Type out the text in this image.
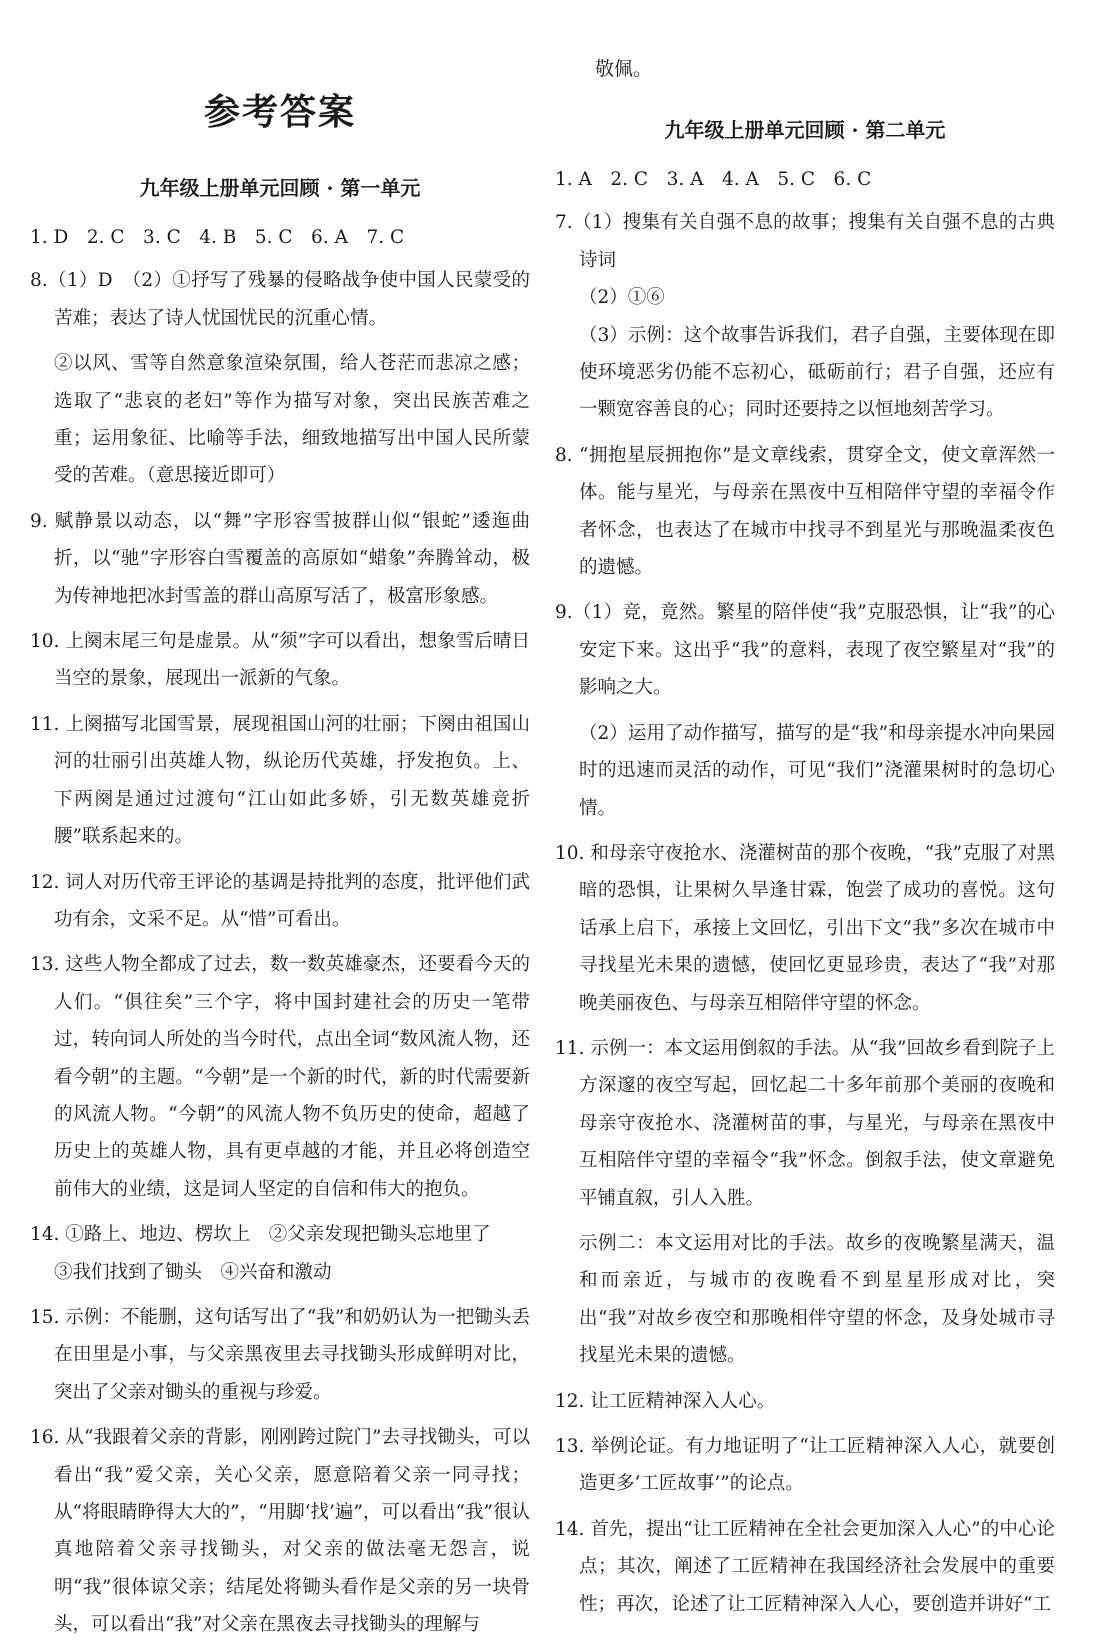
参考答案
九年级上册单元回顾 · 第一单元
1. D　2. C　3. C　4. B　5. C　6. A　7. C
8.（1）D　（2）①抒写了残暴的侵略战争使中国人民蒙受的苦难；表达了诗人忧国忧民的沉重心情。
②以风、雪等自然意象渲染氛围，给人苍茫而悲凉之感；选取了“悲哀的老妇”等作为描写对象，突出民族苦难之重；运用象征、比喻等手法，细致地描写出中国人民所蒙受的苦难。（意思接近即可）
9. 赋静景以动态，以“舞”字形容雪披群山似“银蛇”逶迤曲折，以“驰”字形容白雪覆盖的高原如“蜡象”奔腾耸动，极为传神地把冰封雪盖的群山高原写活了，极富形象感。
10. 上阕末尾三句是虚景。从“须”字可以看出，想象雪后晴日当空的景象，展现出一派新的气象。
11. 上阕描写北国雪景，展现祖国山河的壮丽；下阕由祖国山河的壮丽引出英雄人物，纵论历代英雄，抒发抱负。上、下两阕是通过过渡句“江山如此多娇，引无数英雄竞折腰”联系起来的。
12. 词人对历代帝王评论的基调是持批判的态度，批评他们武功有余，文采不足。从“惜”可看出。
13. 这些人物全都成了过去，数一数英雄豪杰，还要看今天的人们。“俱往矣”三个字，将中国封建社会的历史一笔带过，转向词人所处的当今时代，点出全词“数风流人物，还看今朝”的主题。“今朝”是一个新的时代，新的时代需要新的风流人物。“今朝”的风流人物不负历史的使命，超越了历史上的英雄人物，具有更卓越的才能，并且必将创造空前伟大的业绩，这是词人坚定的自信和伟大的抱负。
14. ①路上、地边、楞坎上　②父亲发现把锄头忘地里了
③我们找到了锄头　④兴奋和激动
15. 示例：不能删，这句话写出了“我”和奶奶认为一把锄头丢在田里是小事，与父亲黑夜里去寻找锄头形成鲜明对比，突出了父亲对锄头的重视与珍爱。
16. 从“我跟着父亲的背影，刚刚跨过院门”去寻找锄头，可以看出“我”爱父亲，关心父亲，愿意陪着父亲一同寻找；从“将眼睛睁得大大的”，“用脚‘找’遍”，可以看出“我”很认真地陪着父亲寻找锄头，对父亲的做法毫无怨言，说明“我”很体谅父亲；结尾处将锄头看作是父亲的另一块骨头，可以看出“我”对父亲在黑夜去寻找锄头的理解与
敬佩。
九年级上册单元回顾 · 第二单元
1. A　2. C　3. A　4. A　5. C　6. C
7.（1）搜集有关自强不息的故事；搜集有关自强不息的古典诗词
（2）①⑥
（3）示例：这个故事告诉我们，君子自强，主要体现在即使环境恶劣仍能不忘初心，砥砺前行；君子自强，还应有一颗宽容善良的心；同时还要持之以恒地刻苦学习。
8. “拥抱星辰拥抱你”是文章线索，贯穿全文，使文章浑然一体。能与星光，与母亲在黑夜中互相陪伴守望的幸福令作者怀念，也表达了在城市中找寻不到星光与那晚温柔夜色的遗憾。
9.（1）竞，竟然。繁星的陪伴使“我”克服恐惧，让“我”的心安定下来。这出乎“我”的意料，表现了夜空繁星对“我”的影响之大。
（2）运用了动作描写，描写的是“我”和母亲提水冲向果园时的迅速而灵活的动作，可见“我们”浇灌果树时的急切心情。
10. 和母亲守夜抢水、浇灌树苗的那个夜晚，“我”克服了对黑暗的恐惧，让果树久旱逢甘霖，饱尝了成功的喜悦。这句话承上启下，承接上文回忆，引出下文“我”多次在城市中寻找星光未果的遗憾，使回忆更显珍贵，表达了“我”对那晚美丽夜色、与母亲互相陪伴守望的怀念。
11. 示例一：本文运用倒叙的手法。从“我”回故乡看到院子上方深邃的夜空写起，回忆起二十多年前那个美丽的夜晚和母亲守夜抢水、浇灌树苗的事，与星光，与母亲在黑夜中互相陪伴守望的幸福令“我”怀念。倒叙手法，使文章避免平铺直叙，引人入胜。
示例二：本文运用对比的手法。故乡的夜晚繁星满天，温和而亲近，与城市的夜晚看不到星星形成对比，突出“我”对故乡夜空和那晚相伴守望的怀念，及身处城市寻找星光未果的遗憾。
12. 让工匠精神深入人心。
13. 举例论证。有力地证明了“让工匠精神深入人心，就要创造更多‘工匠故事’”的论点。
14. 首先，提出“让工匠精神在全社会更加深入人心”的中心论点；其次，阐述了工匠精神在我国经济社会发展中的重要性；再次，论述了让工匠精神深入人心，要创造并讲好“工
